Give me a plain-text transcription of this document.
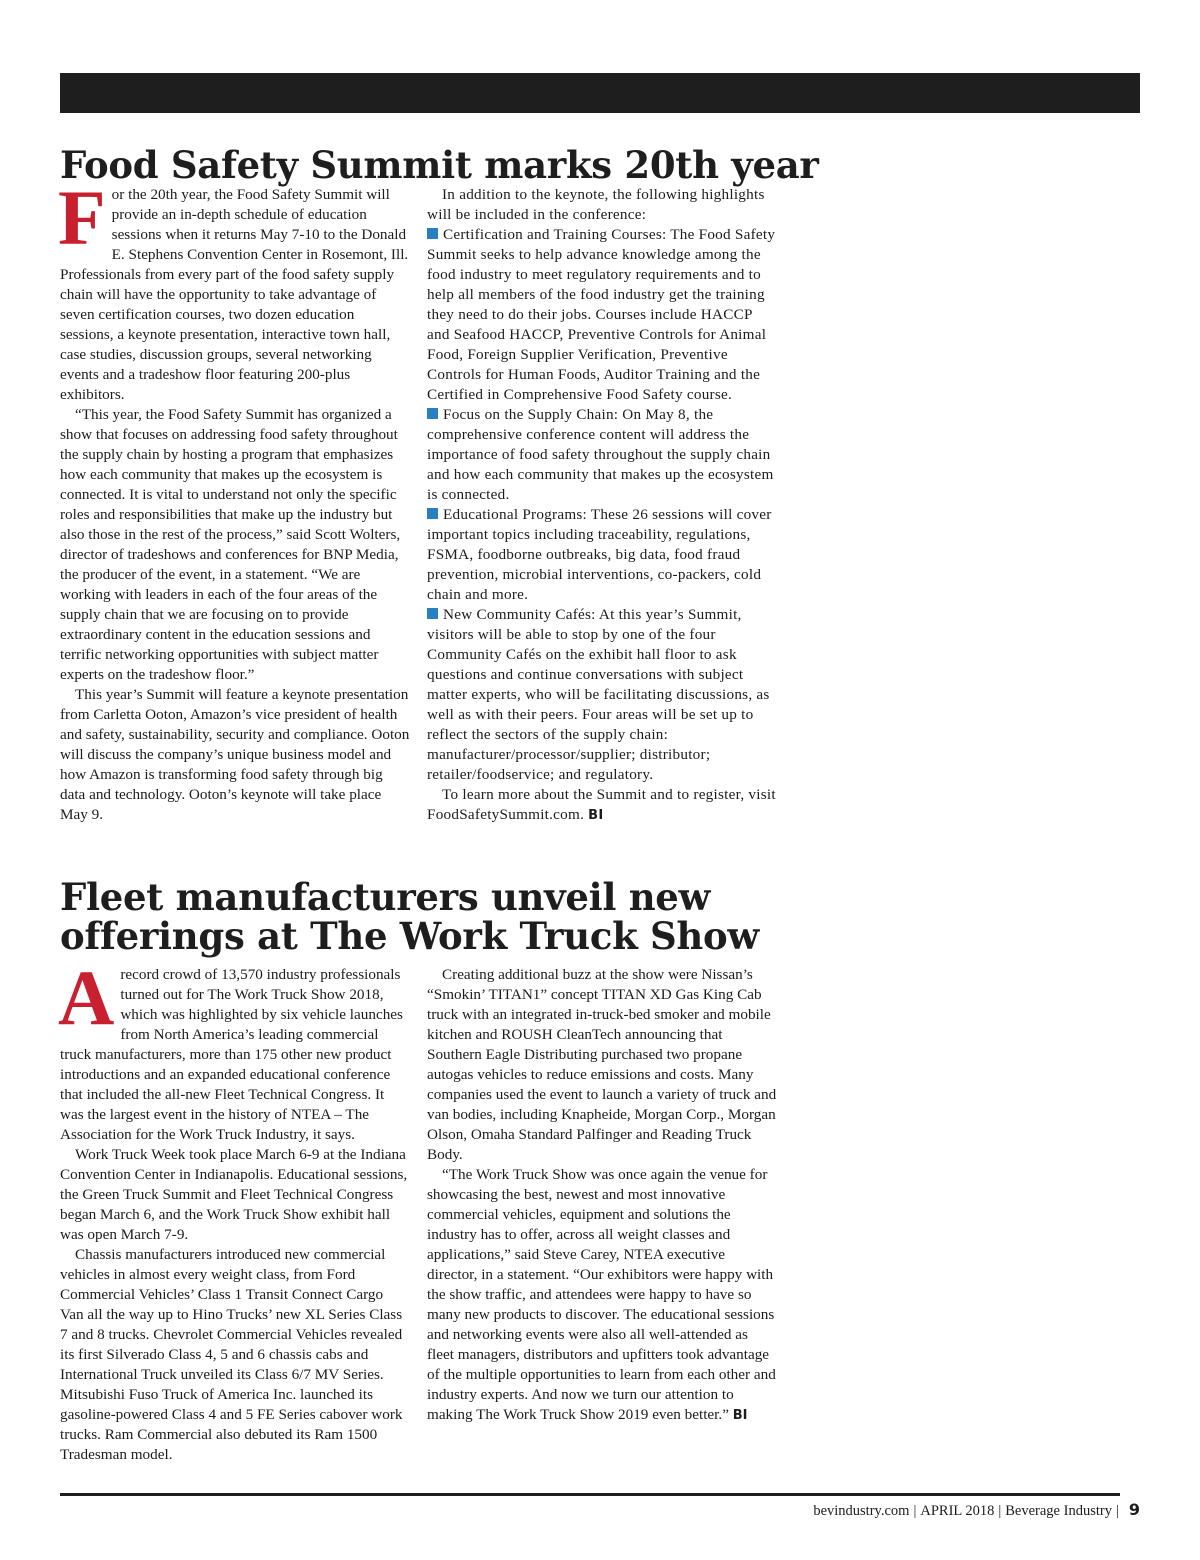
Food Safety Summit marks 20th year

For the 20th year, the Food Safety Summit will provide an in-depth schedule of education sessions when it returns May 7-10 to the Donald E. Stephens Convention Center in Rosemont, Ill. Professionals from every part of the food safety supply chain will have the opportunity to take advantage of seven certification courses, two dozen education sessions, a keynote presentation, interactive town hall, case studies, discussion groups, several networking events and a tradeshow floor featuring 200-plus exhibitors.

“This year, the Food Safety Summit has organized a show that focuses on addressing food safety throughout the supply chain by hosting a program that emphasizes how each community that makes up the ecosystem is connected. It is vital to understand not only the specific roles and responsibilities that make up the industry but also those in the rest of the process,” said Scott Wolters, director of tradeshows and conferences for BNP Media, the producer of the event, in a statement. “We are working with leaders in each of the four areas of the supply chain that we are focusing on to provide extraordinary content in the education sessions and terrific networking opportunities with subject matter experts on the tradeshow floor.”

This year’s Summit will feature a keynote presentation from Carletta Ooton, Amazon’s vice president of health and safety, sustainability, security and compliance. Ooton will discuss the company’s unique business model and how Amazon is transforming food safety through big data and technology. Ooton’s keynote will take place May 9.

In addition to the keynote, the following highlights will be included in the conference:

Certification and Training Courses: The Food Safety Summit seeks to help advance knowledge among the food industry to meet regulatory requirements and to help all members of the food industry get the training they need to do their jobs. Courses include HACCP and Seafood HACCP, Preventive Controls for Animal Food, Foreign Supplier Verification, Preventive Controls for Human Foods, Auditor Training and the Certified in Comprehensive Food Safety course.

Focus on the Supply Chain: On May 8, the comprehensive conference content will address the importance of food safety throughout the supply chain and how each community that makes up the ecosystem is connected.

Educational Programs: These 26 sessions will cover important topics including traceability, regulations, FSMA, foodborne outbreaks, big data, food fraud prevention, microbial interventions, co-packers, cold chain and more.

New Community Cafés: At this year’s Summit, visitors will be able to stop by one of the four Community Cafés on the exhibit hall floor to ask questions and continue conversations with subject matter experts, who will be facilitating discussions, as well as with their peers. Four areas will be set up to reflect the sectors of the supply chain: manufacturer/processor/supplier; distributor; retailer/foodservice; and regulatory.

To learn more about the Summit and to register, visit FoodSafetySummit.com. BI

Fleet manufacturers unveil new offerings at The Work Truck Show

Arecord crowd of 13,570 industry professionals turned out for The Work Truck Show 2018, which was highlighted by six vehicle launches from North America’s leading commercial truck manufacturers, more than 175 other new product introductions and an expanded educational conference that included the all-new Fleet Technical Congress. It was the largest event in the history of NTEA – The Association for the Work Truck Industry, it says.

Work Truck Week took place March 6-9 at the Indiana Convention Center in Indianapolis. Educational sessions, the Green Truck Summit and Fleet Technical Congress began March 6, and the Work Truck Show exhibit hall was open March 7-9.

Chassis manufacturers introduced new commercial vehicles in almost every weight class, from Ford Commercial Vehicles’ Class 1 Transit Connect Cargo Van all the way up to Hino Trucks’ new XL Series Class 7 and 8 trucks. Chevrolet Commercial Vehicles revealed its first Silverado Class 4, 5 and 6 chassis cabs and International Truck unveiled its Class 6/7 MV Series. Mitsubishi Fuso Truck of America Inc. launched its gasoline-powered Class 4 and 5 FE Series cabover work trucks. Ram Commercial also debuted its Ram 1500 Tradesman model.

Creating additional buzz at the show were Nissan’s “Smokin’ TITAN1” concept TITAN XD Gas King Cab truck with an integrated in-truck-bed smoker and mobile kitchen and ROUSH CleanTech announcing that Southern Eagle Distributing purchased two propane autogas vehicles to reduce emissions and costs. Many companies used the event to launch a variety of truck and van bodies, including Knapheide, Morgan Corp., Morgan Olson, Omaha Standard Palfinger and Reading Truck Body.

“The Work Truck Show was once again the venue for showcasing the best, newest and most innovative commercial vehicles, equipment and solutions the industry has to offer, across all weight classes and applications,” said Steve Carey, NTEA executive director, in a statement. “Our exhibitors were happy with the show traffic, and attendees were happy to have so many new products to discover. The educational sessions and networking events were also all well-attended as fleet managers, distributors and upfitters took advantage of the multiple opportunities to learn from each other and industry experts. And now we turn our attention to making The Work Truck Show 2019 even better.” BI

bevindustry.com | APRIL 2018 | Beverage Industry | 9
